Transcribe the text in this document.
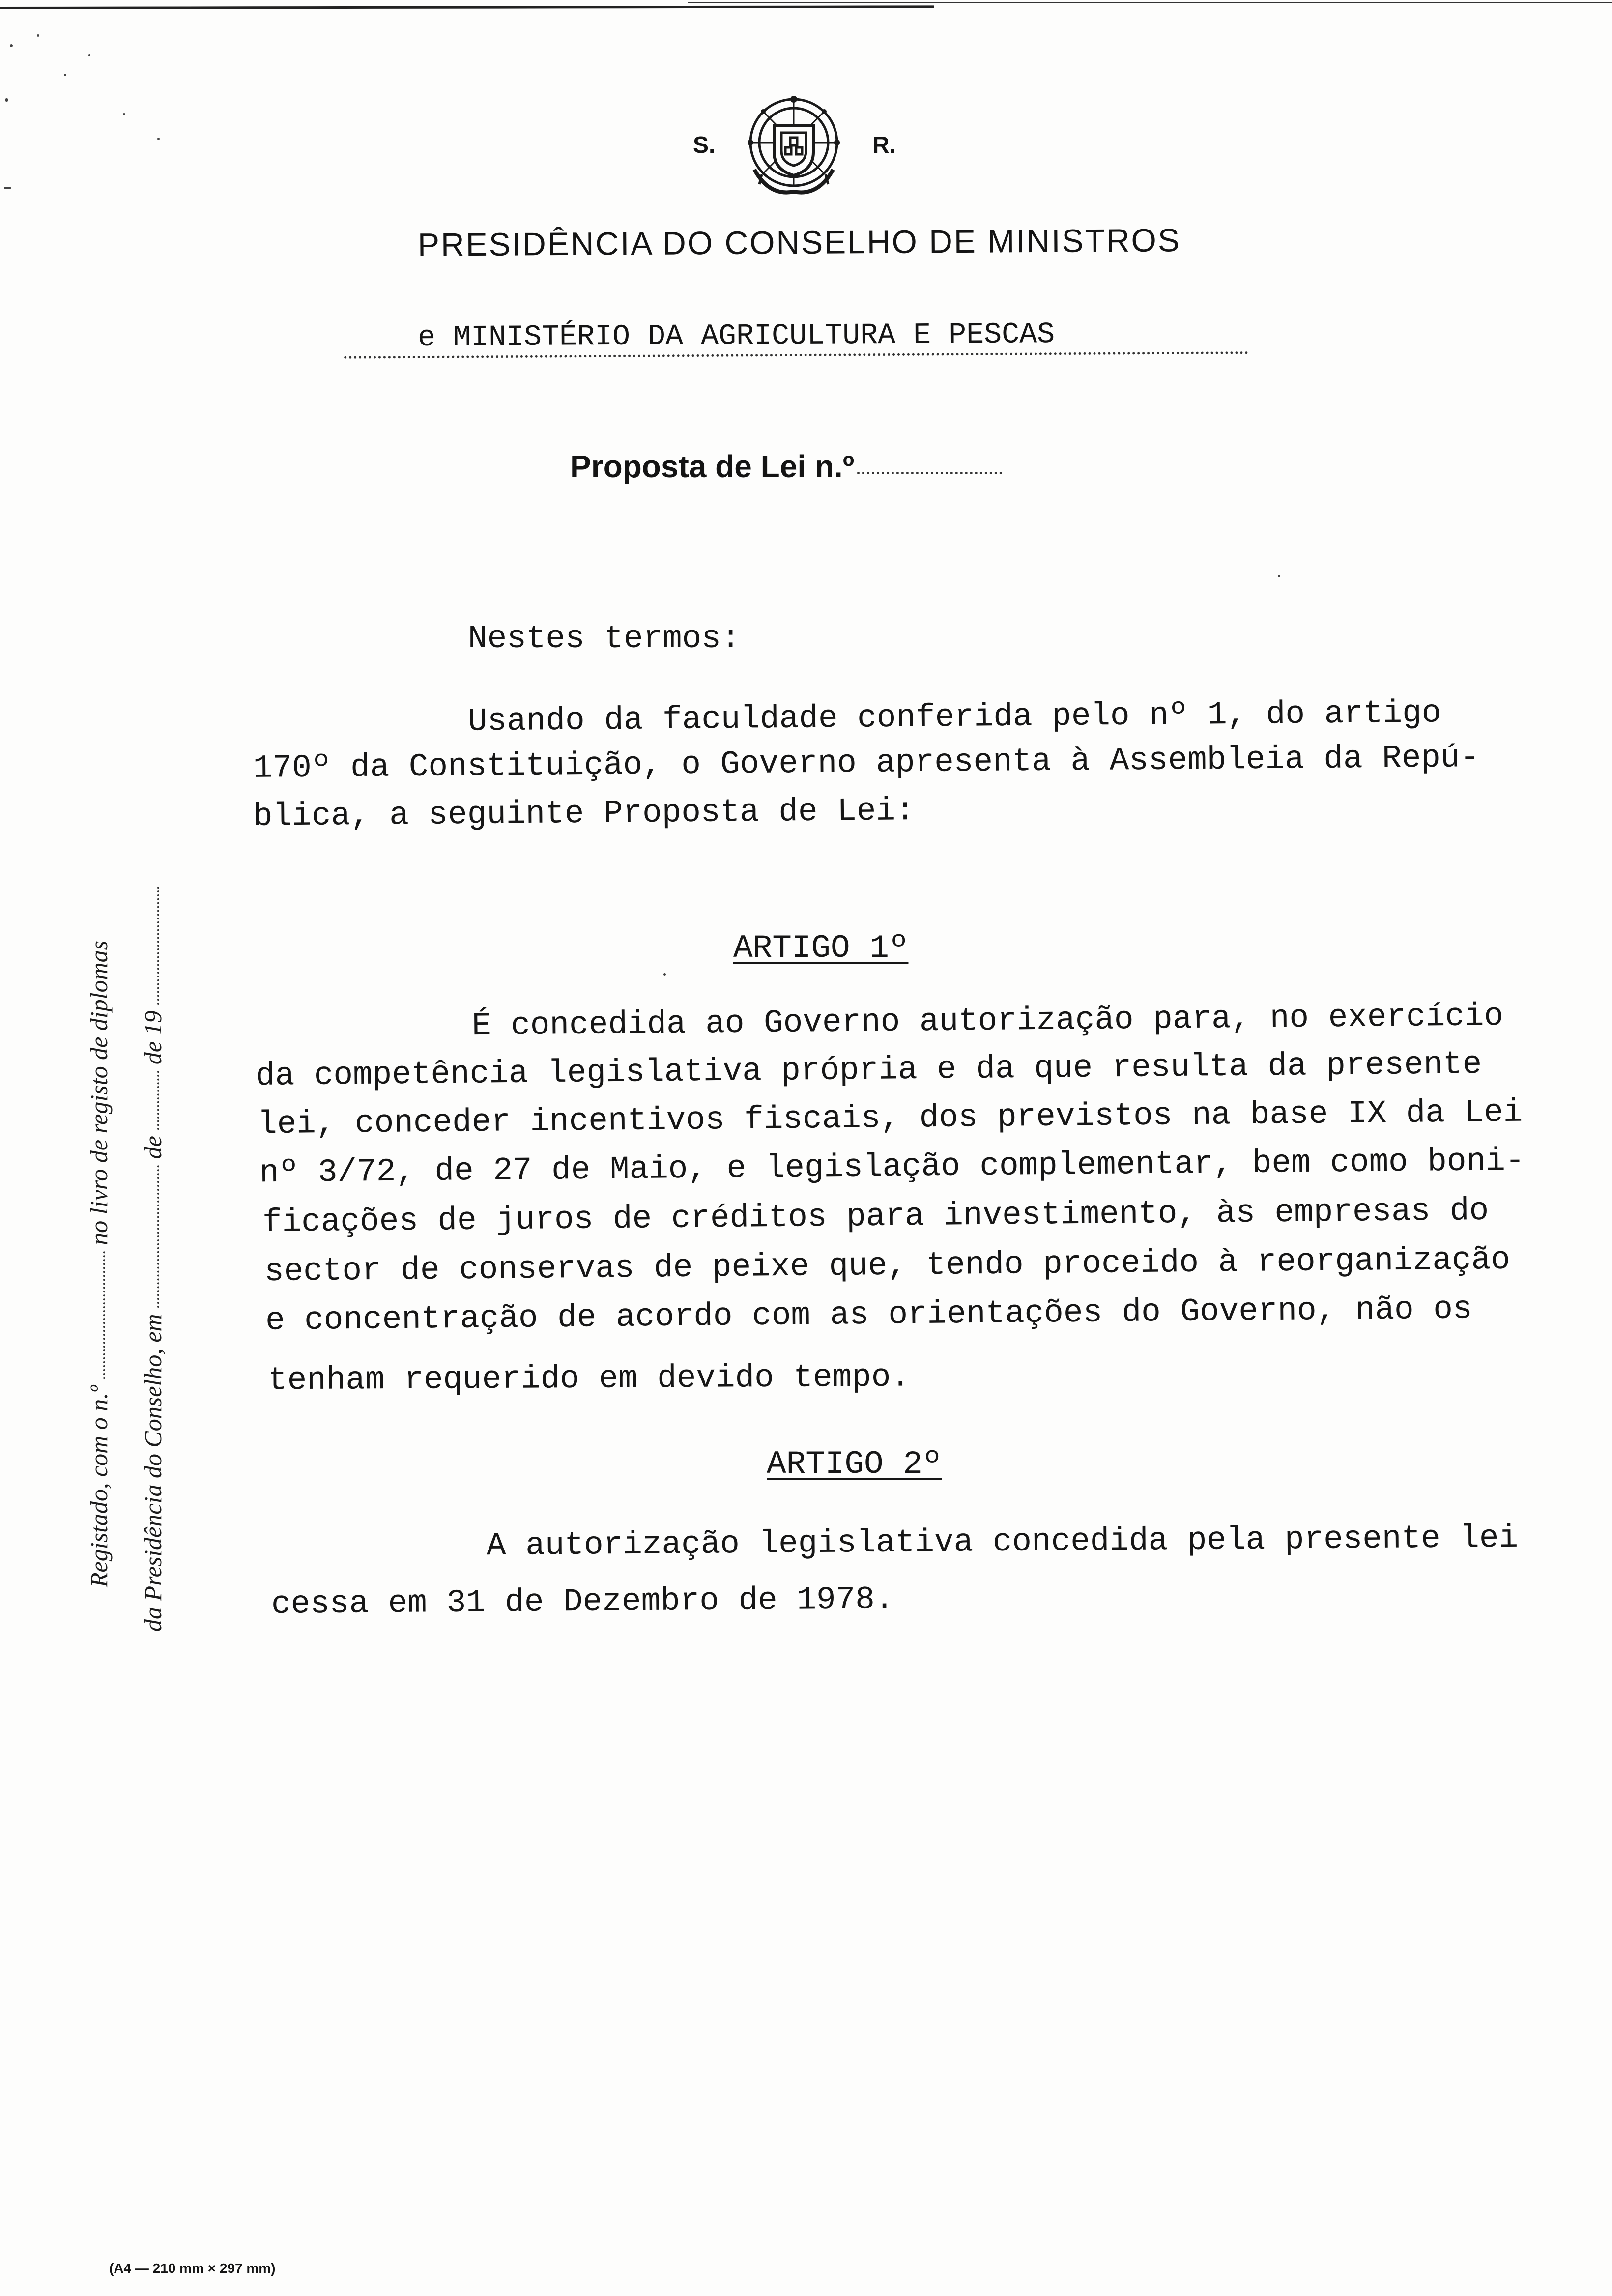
S.	R.
PRESIDÊNCIA DO CONSELHO DE MINISTROS
e MINISTÉRIO DA AGRICULTURA E PESCAS
Proposta de Lei n.º
Nestes termos:
Usando da faculdade conferida pelo nº 1, do artigo
170º da Constituição, o Governo apresenta à Assembleia da Repú-
blica, a seguinte Proposta de Lei:
ARTIGO 1º
É concedida ao Governo autorização para, no exercício
da competência legislativa própria e da que resulta da presente
lei, conceder incentivos fiscais, dos previstos na base IX da Lei
nº 3/72, de 27 de Maio, e legislação complementar, bem como boni-
ficações de juros de créditos para investimento, às empresas do
sector de conservas de peixe que, tendo proceido à reorganização
e concentração de acordo com as orientações do Governo, não os
tenham requerido em devido tempo.
ARTIGO 2º
A autorização legislativa concedida pela presente lei
cessa em 31 de Dezembro de 1978.
Registado, com o n.º  no livro de registo de diplomas
da Presidência do Conselho, em  de  de 19
(A4 — 210 mm × 297 mm)
